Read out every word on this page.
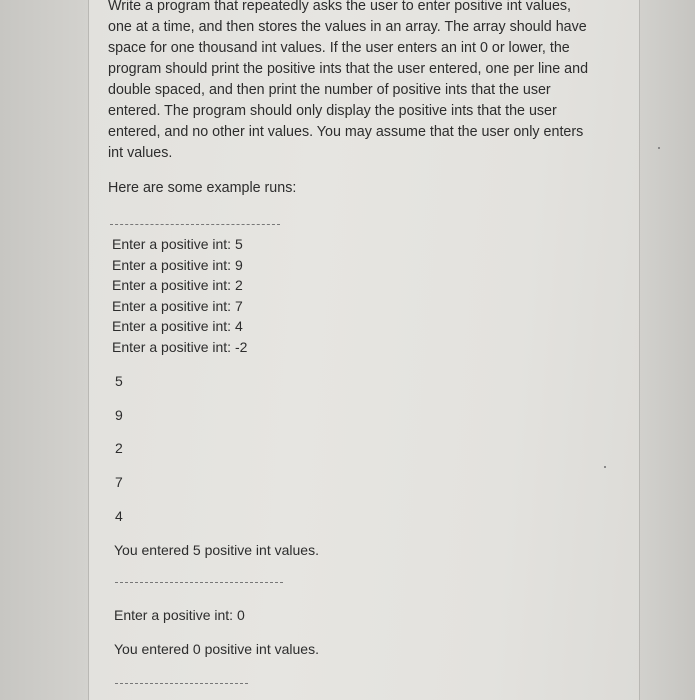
Write a program that repeatedly asks the user to enter positive int values,
one at a time, and then stores the values in an array. The array should have
space for one thousand int values. If the user enters an int 0 or lower, the
program should print the positive ints that the user entered, one per line and
double spaced, and then print the number of positive ints that the user
entered. The program should only display the positive ints that the user
entered, and no other int values. You may assume that the user only enters
int values.
Here are some example runs:
Enter a positive int: 5
Enter a positive int: 9
Enter a positive int: 2
Enter a positive int: 7
Enter a positive int: 4
Enter a positive int: -2
5
9
2
7
4
You entered 5 positive int values.
Enter a positive int: 0
You entered 0 positive int values.
